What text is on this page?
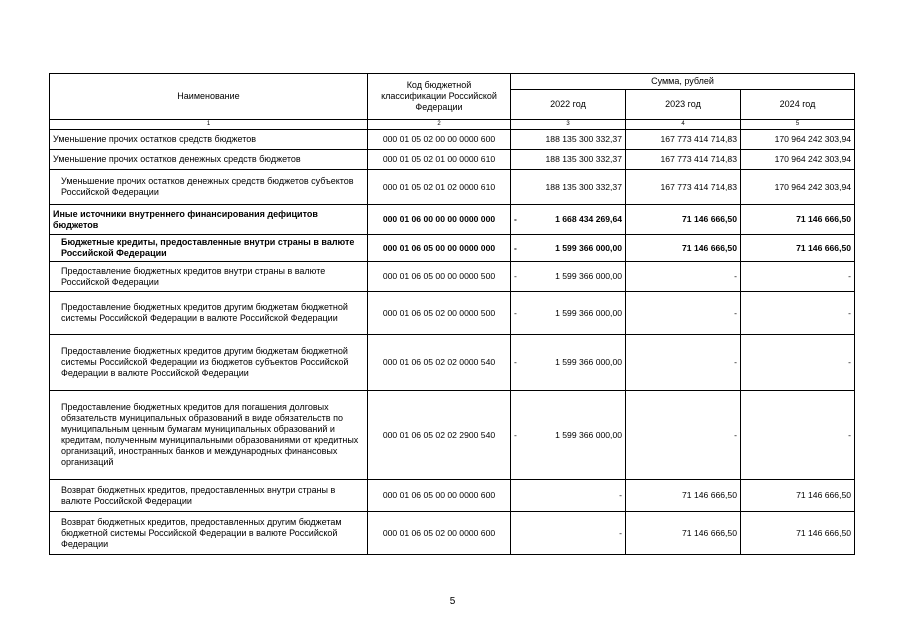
Наименование	Код бюджетной классификации Российской Федерации	Сумма, рублей		
		2022 год	2023 год	2024 год
1	2	3	4	5
Уменьшение прочих остатков средств бюджетов	000 01 05 02 00 00 0000 600	188 135 300 332,37	167 773 414 714,83	170 964 242 303,94
Уменьшение прочих остатков денежных средств бюджетов	000 01 05 02 01 00 0000 610	188 135 300 332,37	167 773 414 714,83	170 964 242 303,94
Уменьшение прочих остатков денежных средств бюджетов субъектов Российской Федерации	000 01 05 02 01 02 0000 610	188 135 300 332,37	167 773 414 714,83	170 964 242 303,94
Иные источники внутреннего финансирования дефицитов бюджетов	000 01 06 00 00 00 0000 000	- 1 668 434 269,64	71 146 666,50	71 146 666,50
Бюджетные кредиты, предоставленные внутри страны в валюте Российской Федерации	000 01 06 05 00 00 0000 000	- 1 599 366 000,00	71 146 666,50	71 146 666,50
Предоставление бюджетных кредитов внутри страны в валюте Российской Федерации	000 01 06 05 00 00 0000 500	- 1 599 366 000,00	-	-
Предоставление бюджетных кредитов другим бюджетам бюджетной системы Российской Федерации в валюте Российской Федерации	000 01 06 05 02 00 0000 500	- 1 599 366 000,00	-	-
Предоставление бюджетных кредитов другим бюджетам бюджетной системы Российской Федерации из бюджетов субъектов Российской Федерации в валюте Российской Федерации	000 01 06 05 02 02 0000 540	- 1 599 366 000,00	-	-
Предоставление бюджетных кредитов для погашения долговых обязательств муниципальных образований в виде обязательств по муниципальным ценным бумагам муниципальных образований и кредитам, полученным муниципальными образованиями от кредитных организаций, иностранных банков и международных финансовых организаций	000 01 06 05 02 02 2900 540	- 1 599 366 000,00	-	-
Возврат бюджетных кредитов, предоставленных внутри страны в валюте Российской Федерации	000 01 06 05 00 00 0000 600	-	71 146 666,50	71 146 666,50
Возврат бюджетных кредитов, предоставленных другим бюджетам бюджетной системы Российской Федерации в валюте Российской Федерации	000 01 06 05 02 00 0000 600	-	71 146 666,50	71 146 666,50
5
